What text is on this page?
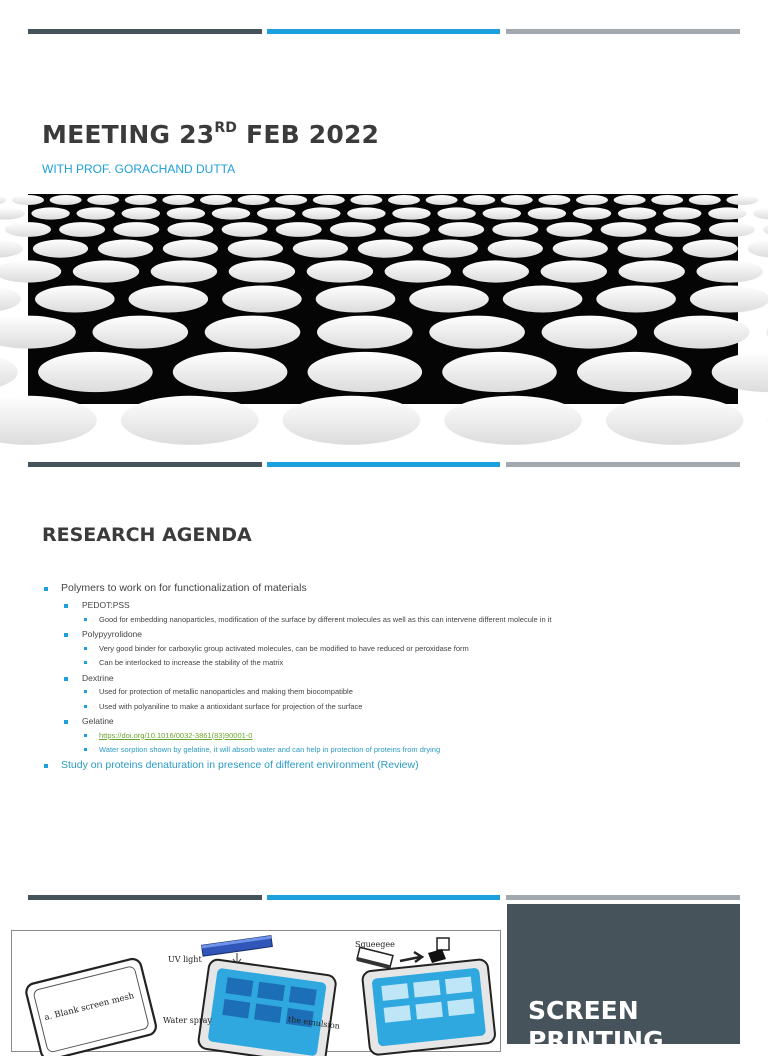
MEETING 23RD FEB 2022

WITH PROF. GORACHAND DUTTA

RESEARCH AGENDA

Polymers to work on for functionalization of materials

PEDOT:PSS

Good for embedding nanoparticles, modification of the surface by different molecules as well as this can intervene different molecule in it

Polypyyrolidone

Very good binder for carboxylic group activated molecules, can be modified to have reduced or peroxidase form

Can be interlocked to increase the stability of the matrix

Dextrine

Used for protection of metallic nanoparticles and making them biocompatible

Used with polyaniline to make a antioxidant surface for projection of the surface

Gelatine

https://doi.org/10.1016/0032-3861(83)90001-0

Water sorption shown by gelatine, it will absorb water and can help in protection of proteins from drying

Study on proteins denaturation in presence of different environment (Review)

a. Blank screen mesh
UV light
Water spray	the emulsion
Squeegee
SCREEN
PRINTING
